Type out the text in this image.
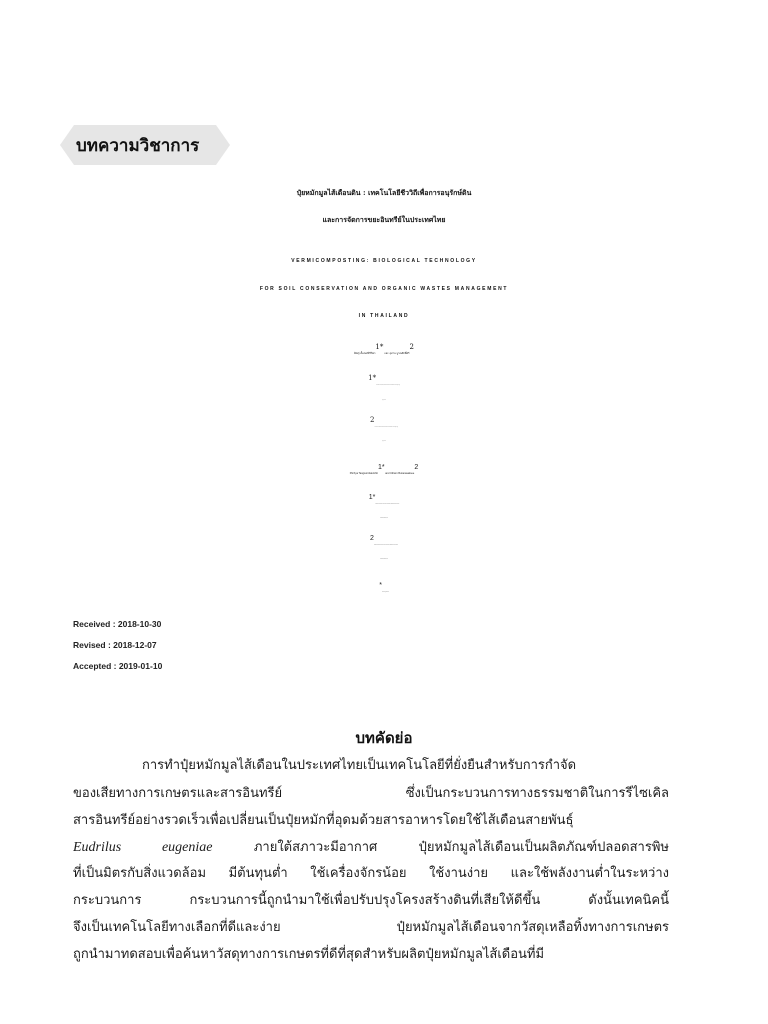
บทความวิชาการ
ปุ๋ยหมักมูลไส้เดือนดิน : เทคโนโลยีชีววิถีเพื่อการอนุรักษ์ดิน
และการจัดการขยะอินทรีย์ในประเทศไทย
VERMICOMPOSTING: BIOLOGICAL TECHNOLOGY
FOR SOIL CONSERVATION AND ORGANIC WASTES MANAGEMENT
IN THAILAND
พิชญ์ ตั้งสมบัติวิจิตร$^{1*}$ และ อุทาน บูรณศักดิ์ศรี$^2$
$^{1*}$
$^2$
Pitchya Tangsombatvichit$^{1*}$ and Utharn Buranasaksee$^2$
$^{1*}$
$^2$
*
Received : 2018-10-30
Revised : 2018-12-07
Accepted : 2019-01-10
บทคัดย่อ
การทำปุ๋ยหมักมูลไส้เดือนในประเทศไทยเป็นเทคโนโลยีที่ยั่งยืนสำหรับการกำจัด
ของเสียทางการเกษตรและสารอินทรีย์ ซึ่งเป็นกระบวนการทางธรรมชาติในการรีไซเคิล
สารอินทรีย์อย่างรวดเร็วเพื่อเปลี่ยนเป็นปุ๋ยหมักที่อุดมด้วยสารอาหารโดยใช้ไส้เดือนสายพันธุ์
Eudrilus eugeniae	ภายใต้สภาวะมีอากาศ ปุ๋ยหมักมูลไส้เดือนเป็นผลิตภัณฑ์ปลอดสารพิษ
ที่เป็นมิตรกับสิ่งแวดล้อม มีต้นทุนต่ำ ใช้เครื่องจักรน้อย ใช้งานง่าย และใช้พลังงานต่ำในระหว่าง
กระบวนการ กระบวนการนี้ถูกนำมาใช้เพื่อปรับปรุงโครงสร้างดินที่เสียให้ดีขึ้น ดังนั้นเทคนิคนี้
จึงเป็นเทคโนโลยีทางเลือกที่ดีและง่าย ปุ๋ยหมักมูลไส้เดือนจากวัสดุเหลือทิ้งทางการเกษตร
ถูกนำมาทดสอบเพื่อค้นหาวัสดุทางการเกษตรที่ดีที่สุดสำหรับผลิตปุ๋ยหมักมูลไส้เดือนที่มี
